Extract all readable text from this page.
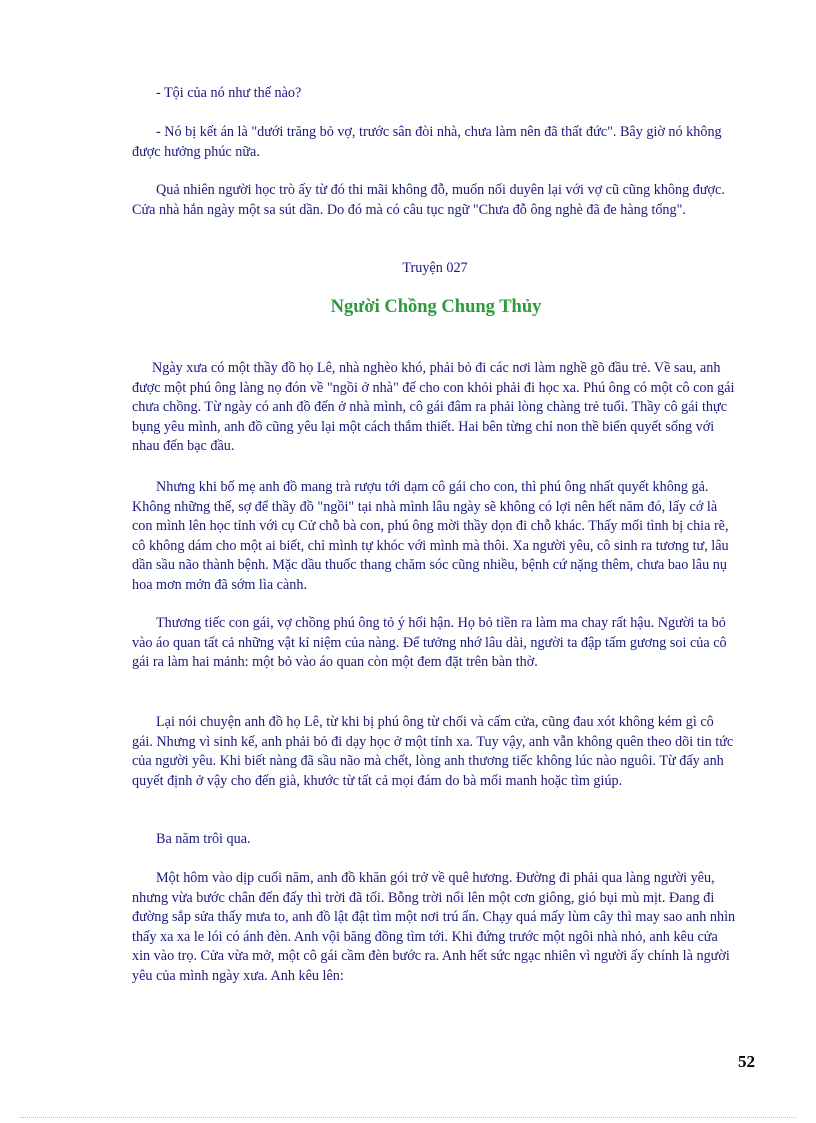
- Tội của nó như thế nào?

- Nó bị kết án là "dưới trăng bỏ vợ, trước sân đòi nhà, chưa làm nên đã thất đức". Bây giờ nó không được hưởng phúc nữa.

Quả nhiên người học trò ấy từ đó thi mãi không đỗ, muốn nối duyên lại với vợ cũ cũng không được. Cửa nhà hắn ngày một sa sút dần. Do đó mà có câu tục ngữ "Chưa đỗ ông nghè đã đe hàng tổng".

Truyện 027

Người Chồng Chung Thủy

Ngày xưa có một thầy đồ họ Lê, nhà nghèo khó, phải bỏ đi các nơi làm nghề gõ đầu trẻ. Về sau, anh được một phú ông làng nọ đón về "ngồi ở nhà" để cho con khỏi phải đi học xa. Phú ông có một cô con gái chưa chồng. Từ ngày có anh đồ đến ở nhà mình, cô gái đâm ra phải lòng chàng trẻ tuổi. Thầy cô gái thực bụng yêu mình, anh đồ cũng yêu lại một cách thắm thiết. Hai bên từng chỉ non thề biển quyết sống với nhau đến bạc đầu.

Nhưng khi bố mẹ anh đồ mang trà rượu tới dạm cô gái cho con, thì phú ông nhất quyết không gả. Không những thế, sợ để thầy đồ "ngồi" tại nhà mình lâu ngày sẽ không có lợi nên hết năm đó, lấy cớ là con mình lên học tỉnh với cụ Cử chỗ bà con, phú ông mời thầy dọn đi chỗ khác. Thấy mối tình bị chia rẽ, cô không dám cho một ai biết, chỉ mình tự khóc với mình mà thôi. Xa người yêu, cô sinh ra tương tư, lâu dần sầu não thành bệnh. Mặc dầu thuốc thang chăm sóc cũng nhiều, bệnh cứ nặng thêm, chưa bao lâu nụ hoa mơn mởn đã sớm lìa cành.

Thương tiếc con gái, vợ chồng phú ông tỏ ý hối hận. Họ bỏ tiền ra làm ma chay rất hậu. Người ta bỏ vào áo quan tất cả những vật kỉ niệm của nàng. Để tưởng nhớ lâu dài, người ta đập tấm gương soi của cô gái ra làm hai mảnh: một bỏ vào áo quan còn một đem đặt trên bàn thờ.

Lại nói chuyện anh đồ họ Lê, từ khi bị phú ông từ chối và cấm cửa, cũng đau xót không kém gì cô gái. Nhưng vì sinh kế, anh phải bỏ đi dạy học ở một tỉnh xa. Tuy vậy, anh vẫn không quên theo dõi tin tức của người yêu. Khi biết nàng đã sầu não mà chết, lòng anh thương tiếc không lúc nào nguôi. Từ đấy anh quyết định ở vậy cho đến già, khước từ tất cả mọi đám do bà mối manh hoặc tìm giúp.

Ba năm trôi qua.

Một hôm vào dịp cuối năm, anh đồ khăn gói trở về quê hương. Đường đi phải qua làng người yêu, nhưng vừa bước chân đến đấy thì trời đã tối. Bỗng trời nổi lên một cơn giông, gió bụi mù mịt. Đang đi đường sắp sửa thấy mưa to, anh đồ lật đật tìm một nơi trú ẩn. Chạy quá mấy lùm cây thì may sao anh nhìn thấy xa xa le lói có ánh đèn. Anh vội băng đồng tìm tới. Khi đứng trước một ngôi nhà nhỏ, anh kêu cửa xin vào trọ. Cửa vừa mở, một cô gái cầm đèn bước ra. Anh hết sức ngạc nhiên vì người ấy chính là người yêu của mình ngày xưa. Anh kêu lên:

52
